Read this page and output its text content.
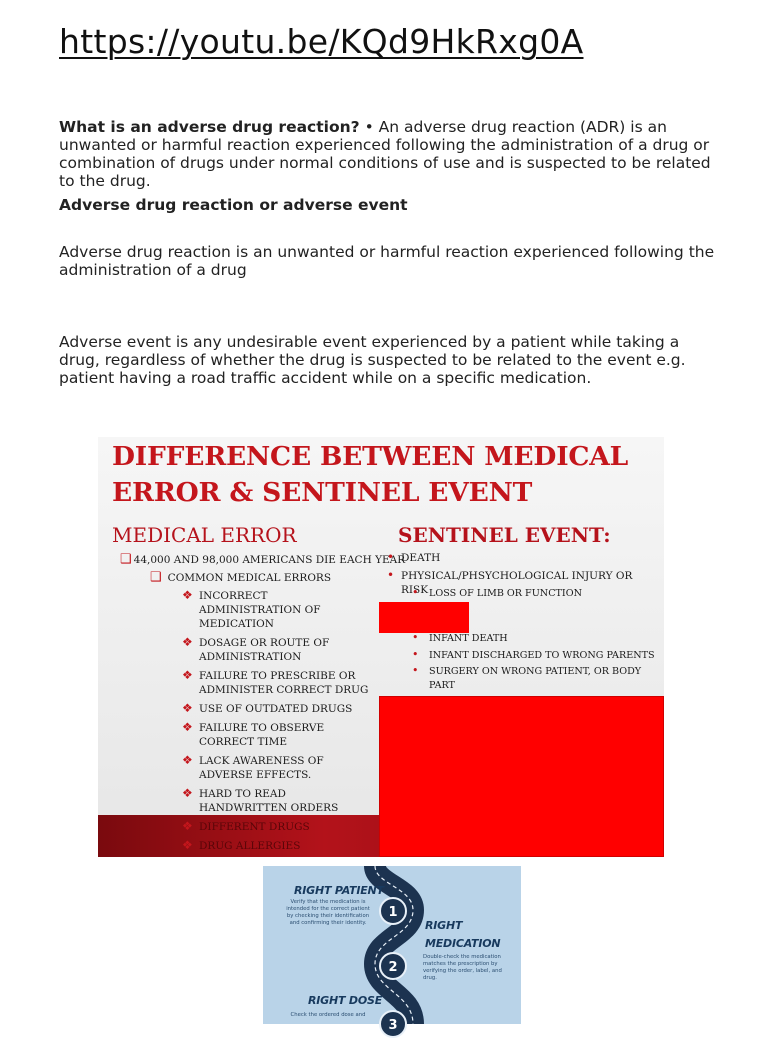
https://youtu.be/KQd9HkRxg0A

What is an adverse drug reaction? • An adverse drug reaction (ADR) is an unwanted or harmful reaction experienced following the administration of a drug or combination of drugs under normal conditions of use and is suspected to be related to the drug.

Adverse drug reaction or adverse event

Adverse drug reaction is an unwanted or harmful reaction experienced following the administration of a drug

Adverse event is any undesirable event experienced by a patient while taking a drug, regardless of whether the drug is suspected to be related to the event e.g. patient having a road traffic accident while on a specific medication.

DIFFERENCE BETWEEN MEDICAL
ERROR & SENTINEL EVENT
MEDICAL ERROR	SENTINEL EVENT:
❑ 44,000 AND 98,000 AMERICANS DIE EACH YEAR
❑ COMMON MEDICAL ERRORS
❖ INCORRECT ADMINISTRATION OF MEDICATION
❖ DOSAGE OR ROUTE OF ADMINISTRATION
❖ FAILURE TO PRESCRIBE OR ADMINISTER CORRECT DRUG
❖ USE OF OUTDATED DRUGS
❖ FAILURE TO OBSERVE CORRECT TIME
❖ LACK AWARENESS OF ADVERSE EFFECTS.
❖ HARD TO READ HANDWRITTEN ORDERS
❖ DIFFERENT DRUGS
❖ DRUG ALLERGIES
• DEATH
• PHYSICAL/PHSYCHOLOGICAL INJURY OR RISK
• LOSS OF LIMB OR FUNCTION
•
• INFANT DEATH
• INFANT DISCHARGED TO WRONG PARENTS
• SURGERY ON WRONG PATIENT, OR BODY PART
•
RIGHT PATIENT
Verify that the medication is intended for the correct patient by checking their identification and confirming their identity.
1
RIGHT
MEDICATION
Double-check the medication matches the prescription by verifying the order, label, and drug.
2
RIGHT DOSE
Check the ordered dose and
3
